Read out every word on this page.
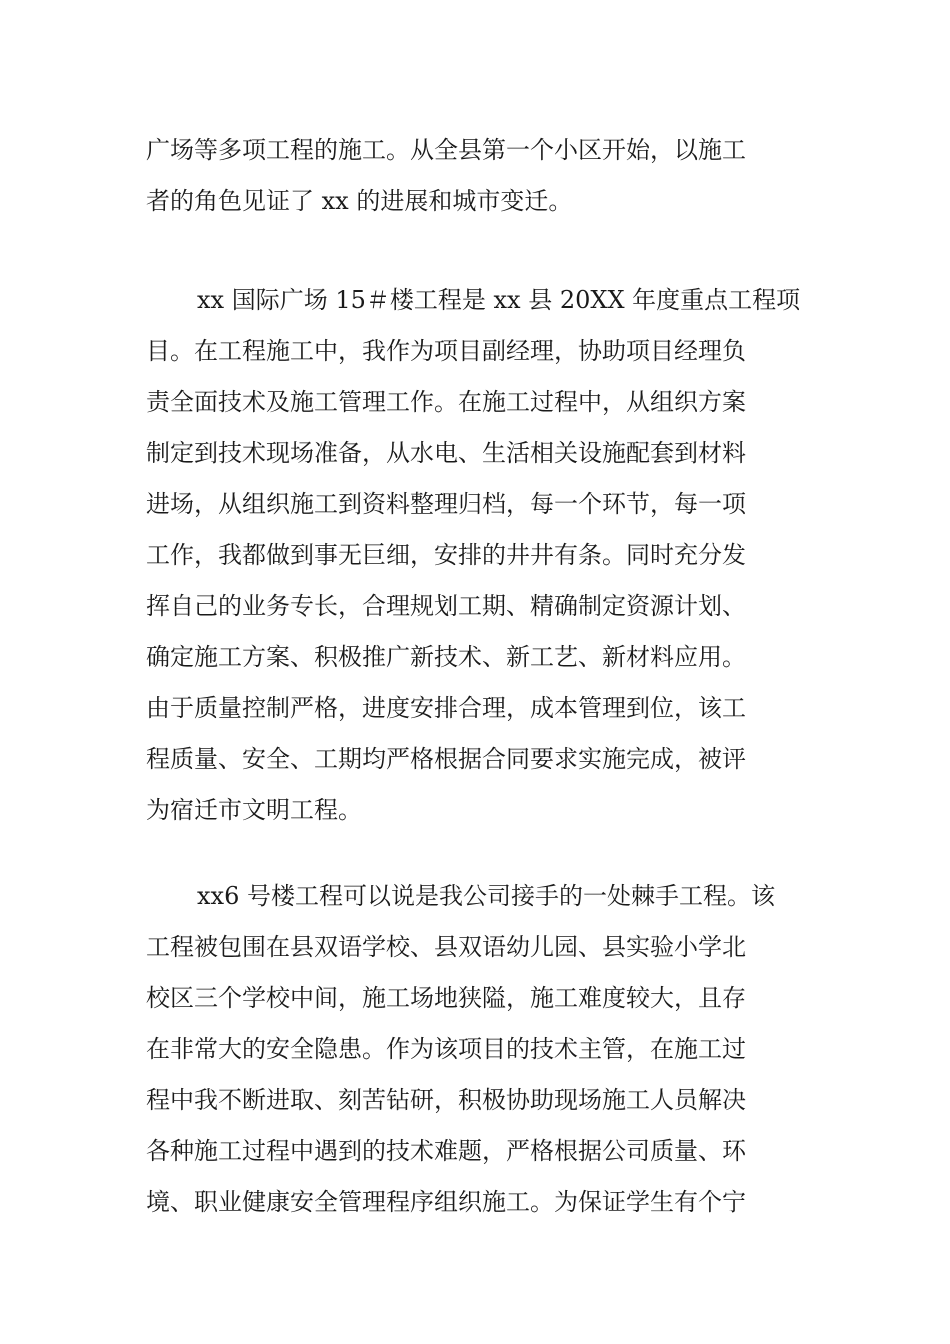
广场等多项工程的施工。从全县第一个小区开始，以施工
者的角色见证了 xx 的进展和城市变迁。
xx 国际广场 15＃楼工程是 xx 县 20XX 年度重点工程项
目。在工程施工中，我作为项目副经理，协助项目经理负
责全面技术及施工管理工作。在施工过程中，从组织方案
制定到技术现场准备，从水电、生活相关设施配套到材料
进场，从组织施工到资料整理归档，每一个环节，每一项
工作，我都做到事无巨细，安排的井井有条。同时充分发
挥自己的业务专长，合理规划工期、精确制定资源计划、
确定施工方案、积极推广新技术、新工艺、新材料应用。
由于质量控制严格，进度安排合理，成本管理到位，该工
程质量、安全、工期均严格根据合同要求实施完成，被评
为宿迁市文明工程。
xx6 号楼工程可以说是我公司接手的一处棘手工程。该
工程被包围在县双语学校、县双语幼儿园、县实验小学北
校区三个学校中间，施工场地狭隘，施工难度较大，且存
在非常大的安全隐患。作为该项目的技术主管，在施工过
程中我不断进取、刻苦钻研，积极协助现场施工人员解决
各种施工过程中遇到的技术难题，严格根据公司质量、环
境、职业健康安全管理程序组织施工。为保证学生有个宁
